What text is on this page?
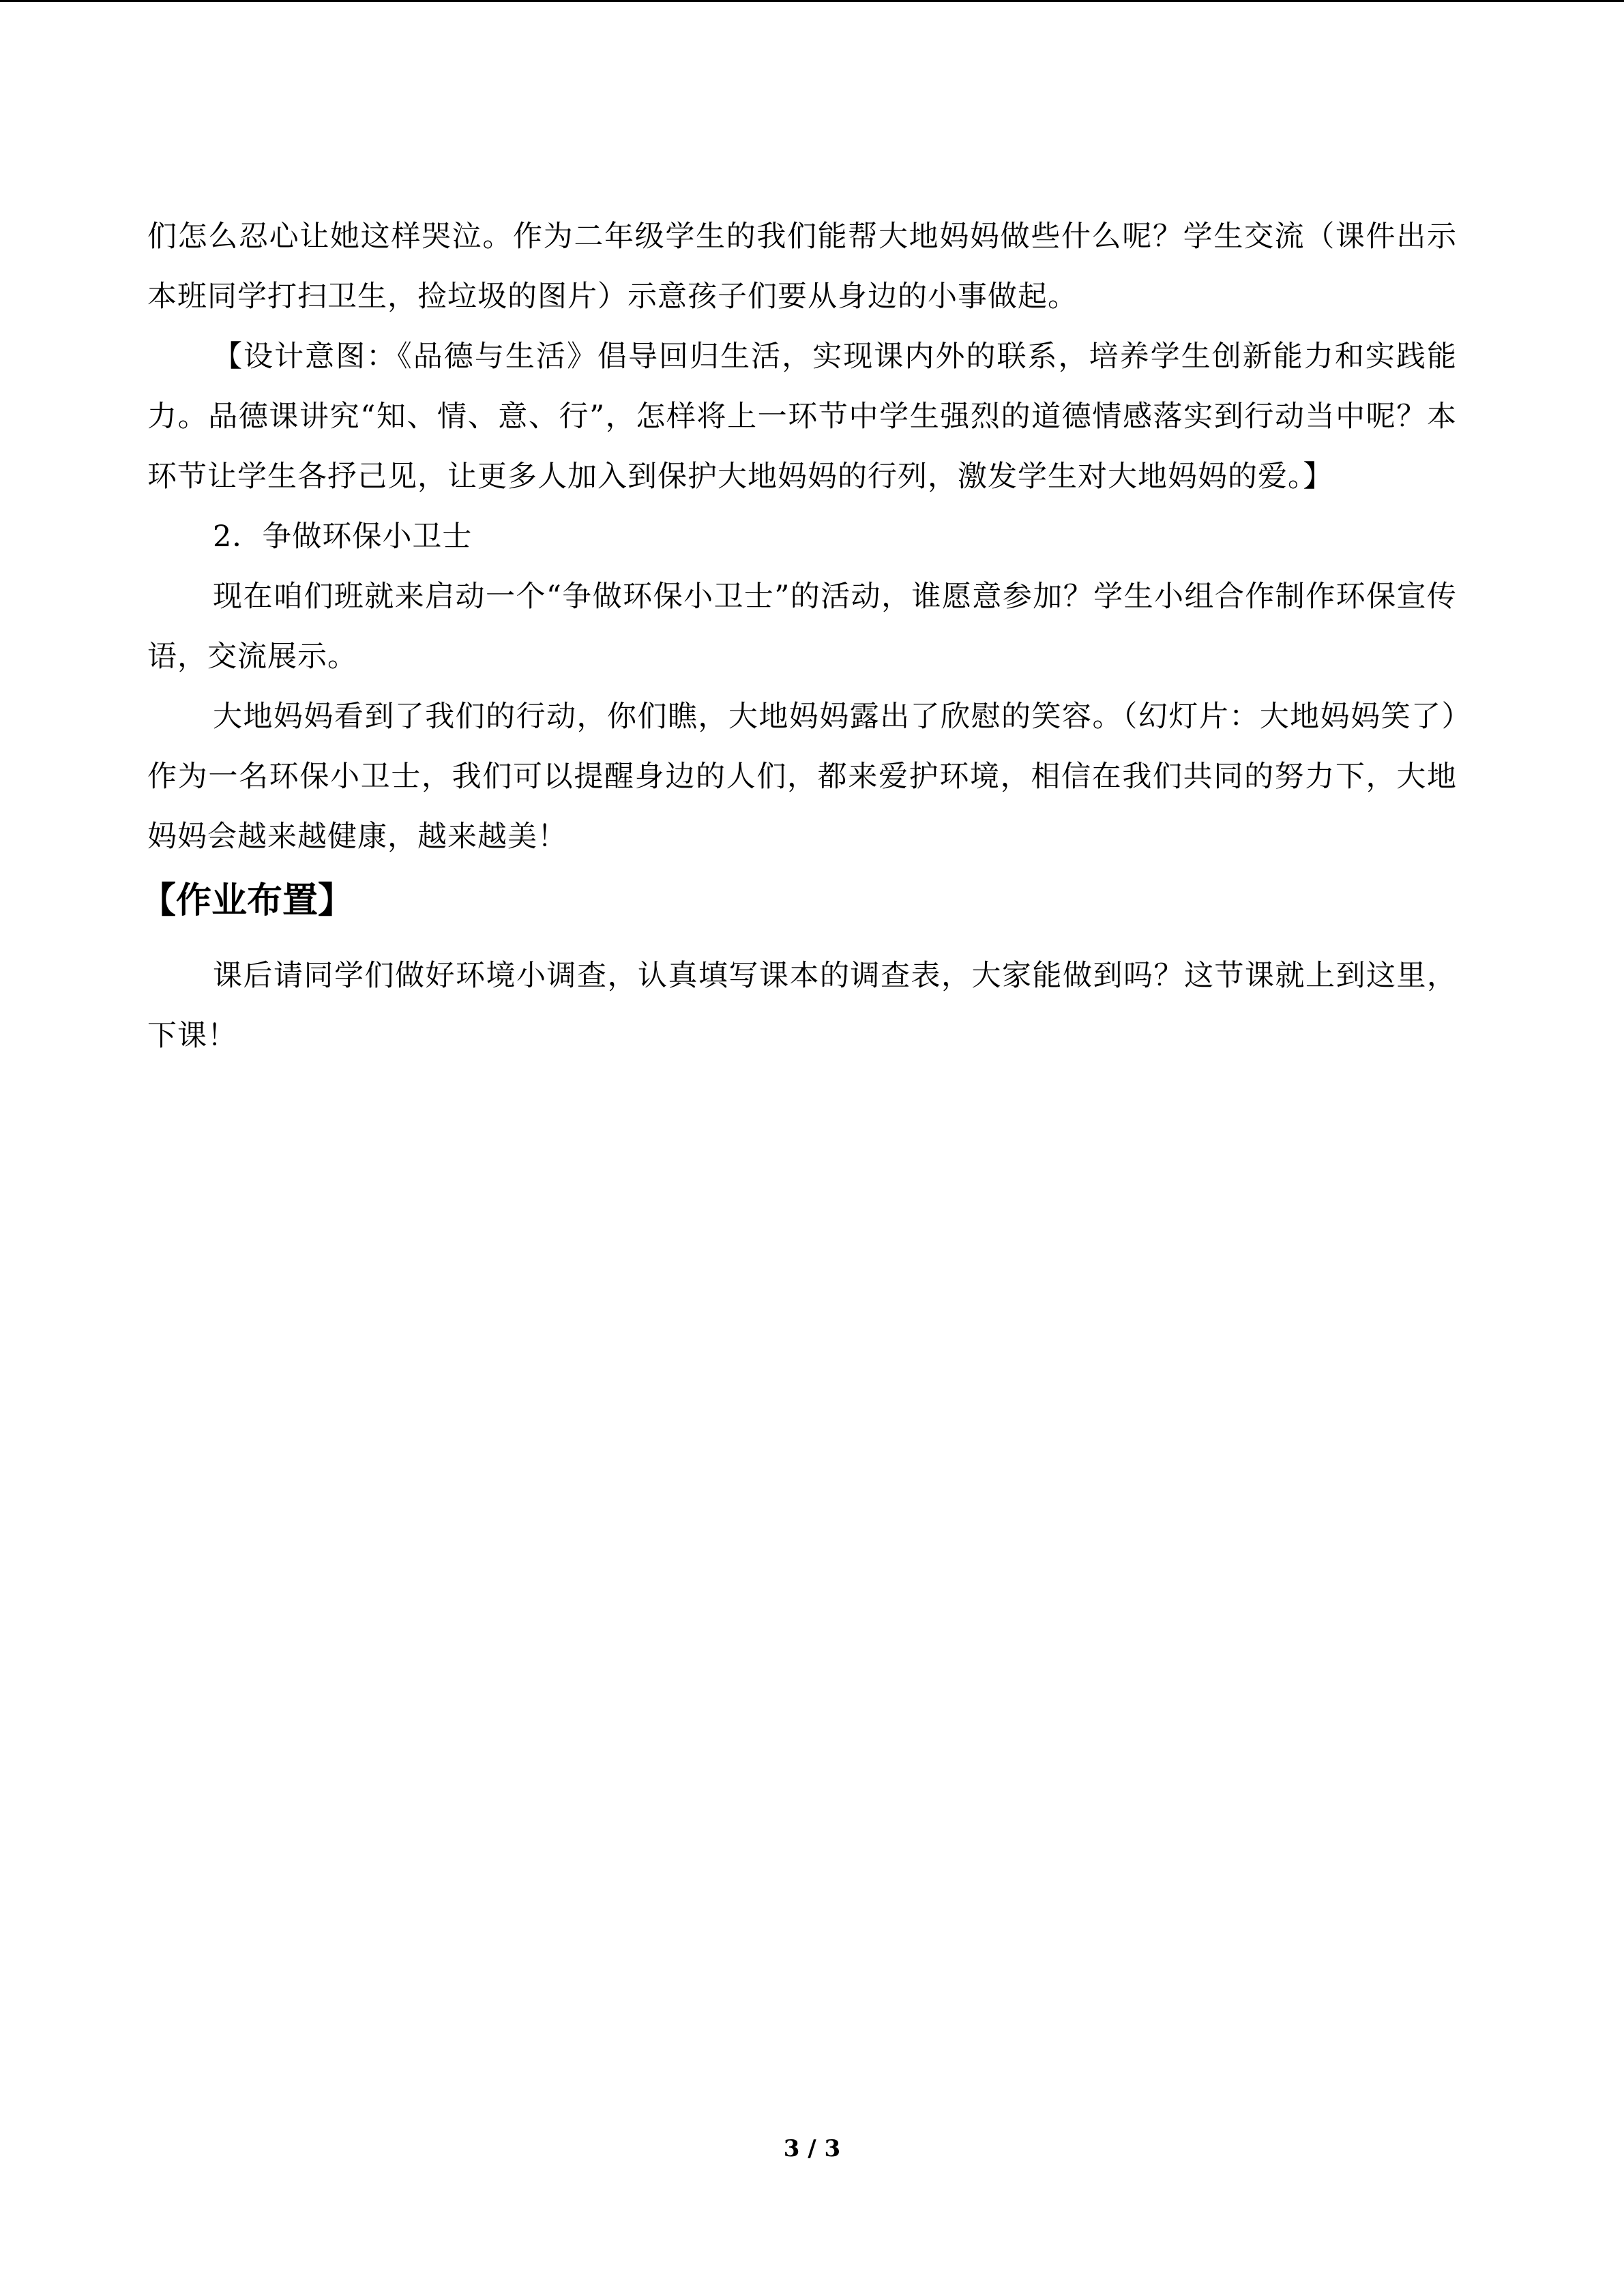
们怎么忍心让她这样哭泣。作为二年级学生的我们能帮大地妈妈做些什么呢？学生交流（课件出示本班同学打扫卫生，捡垃圾的图片）示意孩子们要从身边的小事做起。

【设计意图：《品德与生活》倡导回归生活，实现课内外的联系，培养学生创新能力和实践能力。品德课讲究“知、情、意、行”，怎样将上一环节中学生强烈的道德情感落实到行动当中呢？本环节让学生各抒己见，让更多人加入到保护大地妈妈的行列，激发学生对大地妈妈的爱。】

2．争做环保小卫士

现在咱们班就来启动一个“争做环保小卫士”的活动，谁愿意参加？学生小组合作制作环保宣传语，交流展示。

大地妈妈看到了我们的行动，你们瞧，大地妈妈露出了欣慰的笑容。（幻灯片：大地妈妈笑了）作为一名环保小卫士，我们可以提醒身边的人们，都来爱护环境，相信在我们共同的努力下，大地妈妈会越来越健康，越来越美！

【作业布置】

课后请同学们做好环境小调查，认真填写课本的调查表，大家能做到吗？这节课就上到这里，下课！

3 / 3
